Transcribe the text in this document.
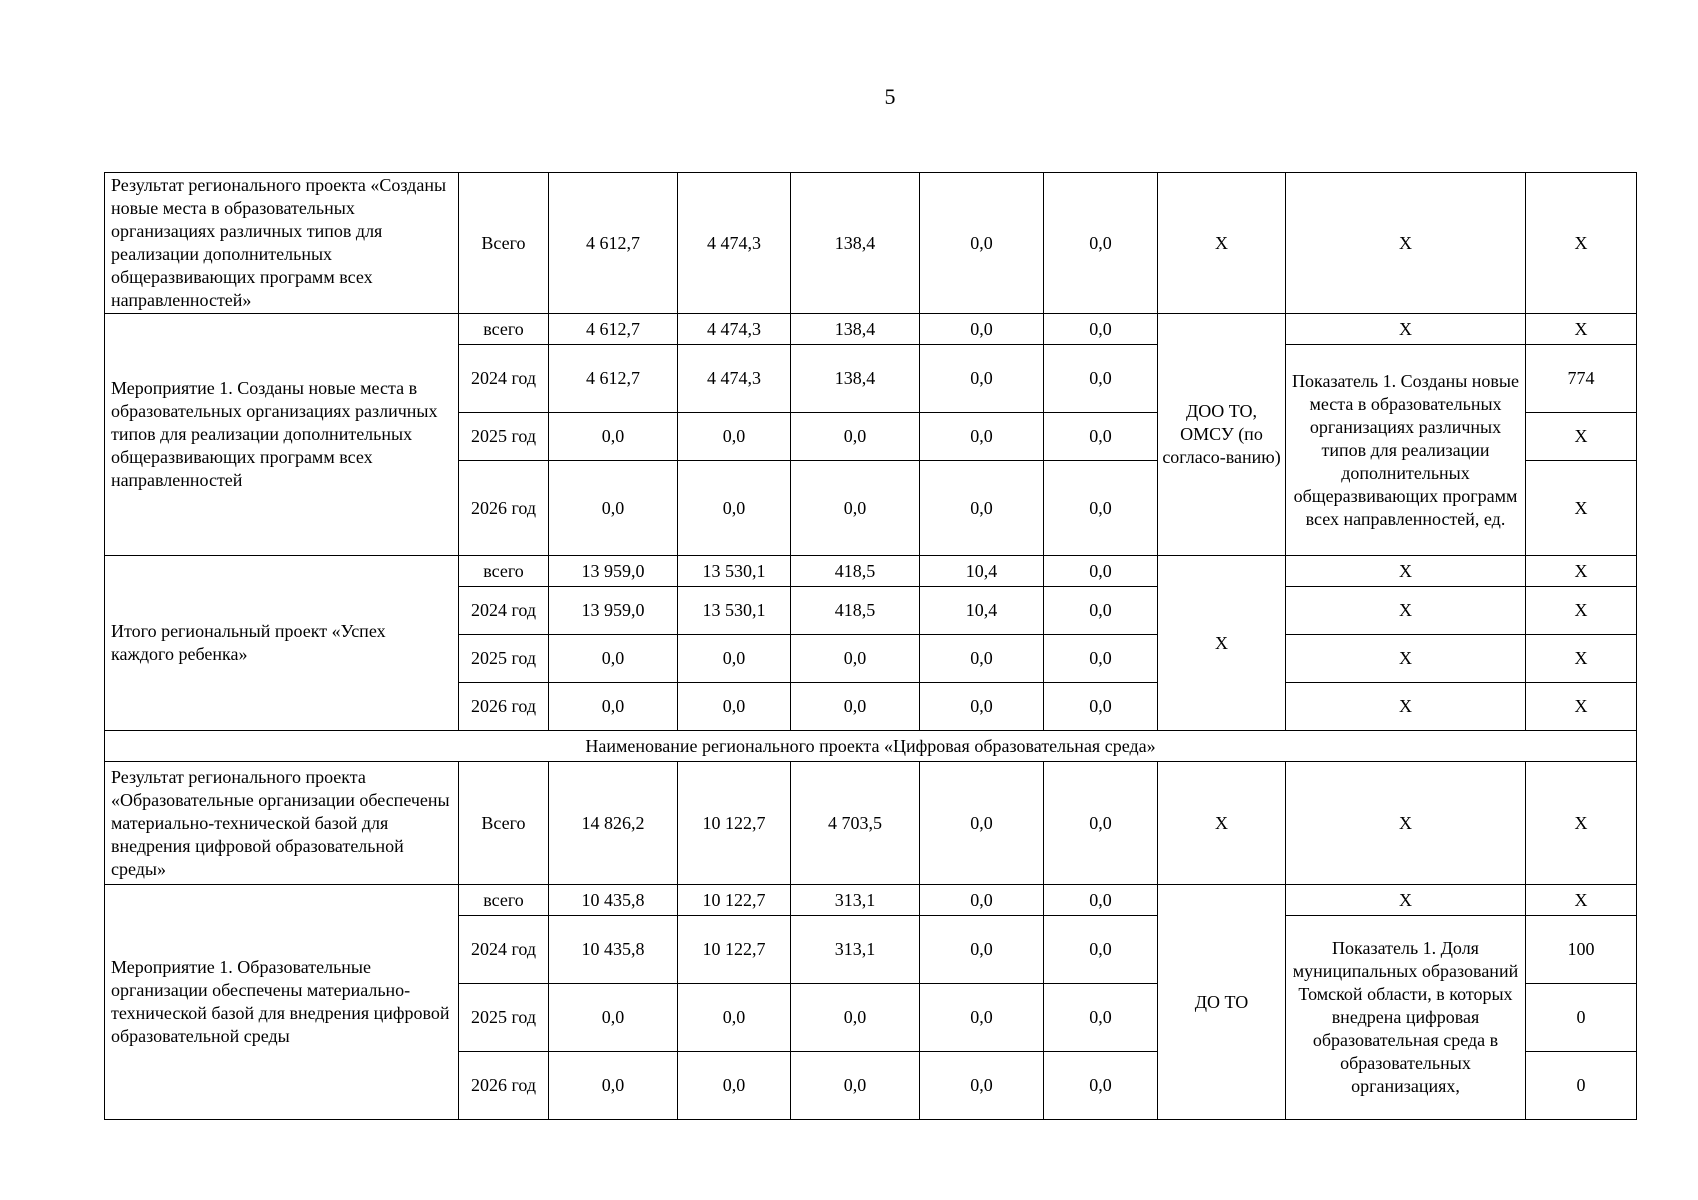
5
Результат регионального проекта «Созданы новые места в образовательных организациях различных типов для реализации дополнительных общеразвивающих программ всех направленностей»	Всего	4 612,7	4 474,3	138,4	0,0	0,0	X	X	X
Мероприятие 1. Созданы новые места в образовательных организациях различных типов для реализации дополнительных общеразвивающих программ всех направленностей	всего	4 612,7	4 474,3	138,4	0,0	0,0	ДОО ТО, ОМСУ (по согласо-ванию)	X	X
	2024 год	4 612,7	4 474,3	138,4	0,0	0,0		Показатель 1. Созданы новые места в образовательных организациях различных типов для реализации дополнительных общеразвивающих программ всех направленностей, ед.	774
	2025 год	0,0	0,0	0,0	0,0	0,0			X
	2026 год	0,0	0,0	0,0	0,0	0,0			X
Итого региональный проект «Успех каждого ребенка»	всего	13 959,0	13 530,1	418,5	10,4	0,0	X	X	X
	2024 год	13 959,0	13 530,1	418,5	10,4	0,0		X	X
	2025 год	0,0	0,0	0,0	0,0	0,0		X	X
	2026 год	0,0	0,0	0,0	0,0	0,0		X	X
Наименование регионального проекта «Цифровая образовательная среда»									
Результат регионального проекта «Образовательные организации обеспечены материально-технической базой для внедрения цифровой образовательной среды»	Всего	14 826,2	10 122,7	4 703,5	0,0	0,0	X	X	X
Мероприятие 1. Образовательные организации обеспечены материально-технической базой для внедрения цифровой образовательной среды	всего	10 435,8	10 122,7	313,1	0,0	0,0	ДО ТО	X	X
	2024 год	10 435,8	10 122,7	313,1	0,0	0,0		Показатель 1. Доля муниципальных образований Томской области, в которых внедрена цифровая образовательная среда в образовательных организациях,	100
	2025 год	0,0	0,0	0,0	0,0	0,0			0
	2026 год	0,0	0,0	0,0	0,0	0,0			0
